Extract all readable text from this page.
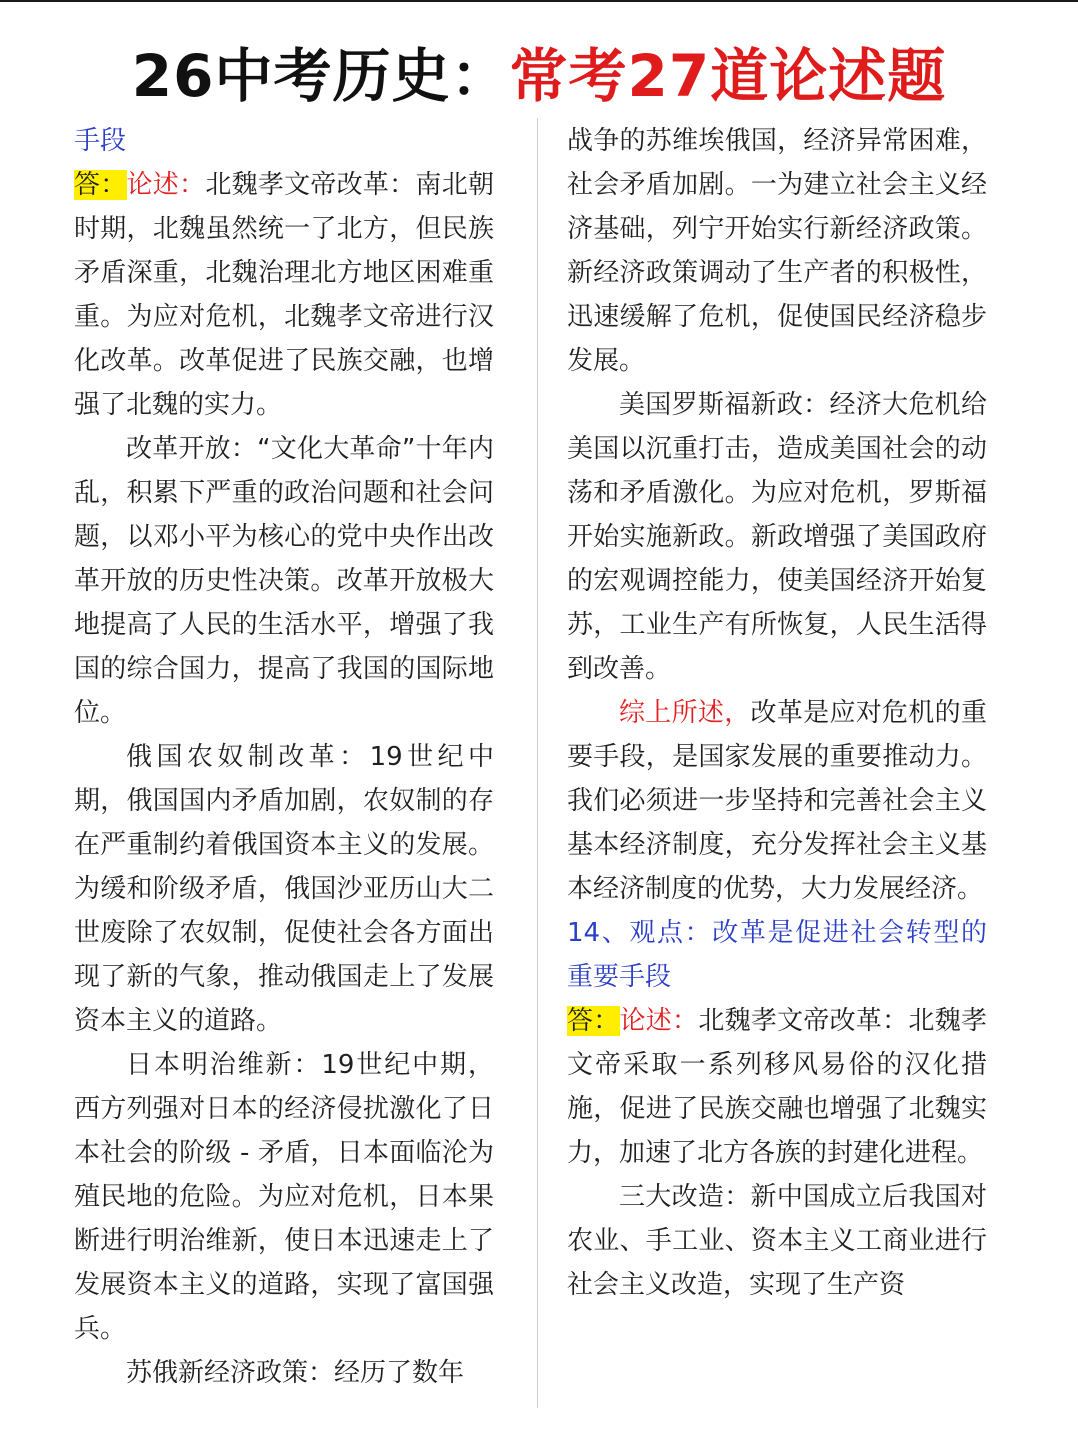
26中考历史：常考27道论述题

手段

答：论述：北魏孝文帝改革：南北朝时期，北魏虽然统一了北方，但民族矛盾深重，北魏治理北方地区困难重重。为应对危机，北魏孝文帝进行汉化改革。改革促进了民族交融，也增强了北魏的实力。

改革开放：“文化大革命”十年内乱，积累下严重的政治问题和社会问题，以邓小平为核心的党中央作出改革开放的历史性决策。改革开放极大地提高了人民的生活水平，增强了我国的综合国力，提高了我国的国际地位。

俄国农奴制改革：19世纪中期，俄国国内矛盾加剧，农奴制的存在严重制约着俄国资本主义的发展。为缓和阶级矛盾，俄国沙亚历山大二世废除了农奴制，促使社会各方面出现了新的气象，推动俄国走上了发展资本主义的道路。

日本明治维新：19世纪中期，西方列强对日本的经济侵扰激化了日本社会的阶级 - 矛盾，日本面临沦为殖民地的危险。为应对危机，日本果断进行明治维新，使日本迅速走上了发展资本主义的道路，实现了富国强兵。

苏俄新经济政策：经历了数年

战争的苏维埃俄国，经济异常困难，社会矛盾加剧。一为建立社会主义经济基础，列宁开始实行新经济政策。新经济政策调动了生产者的积极性，迅速缓解了危机，促使国民经济稳步发展。

美国罗斯福新政：经济大危机给美国以沉重打击，造成美国社会的动荡和矛盾激化。为应对危机，罗斯福开始实施新政。新政增强了美国政府的宏观调控能力，使美国经济开始复苏，工业生产有所恢复，人民生活得到改善。

综上所述，改革是应对危机的重要手段，是国家发展的重要推动力。我们必须进一步坚持和完善社会主义基本经济制度，充分发挥社会主义基本经济制度的优势，大力发展经济。

14、观点：改革是促进社会转型的重要手段

答：论述：北魏孝文帝改革：北魏孝文帝采取一系列移风易俗的汉化措施，促进了民族交融也增强了北魏实力，加速了北方各族的封建化进程。

三大改造：新中国成立后我国对农业、手工业、资本主义工商业进行社会主义改造，实现了生产资
